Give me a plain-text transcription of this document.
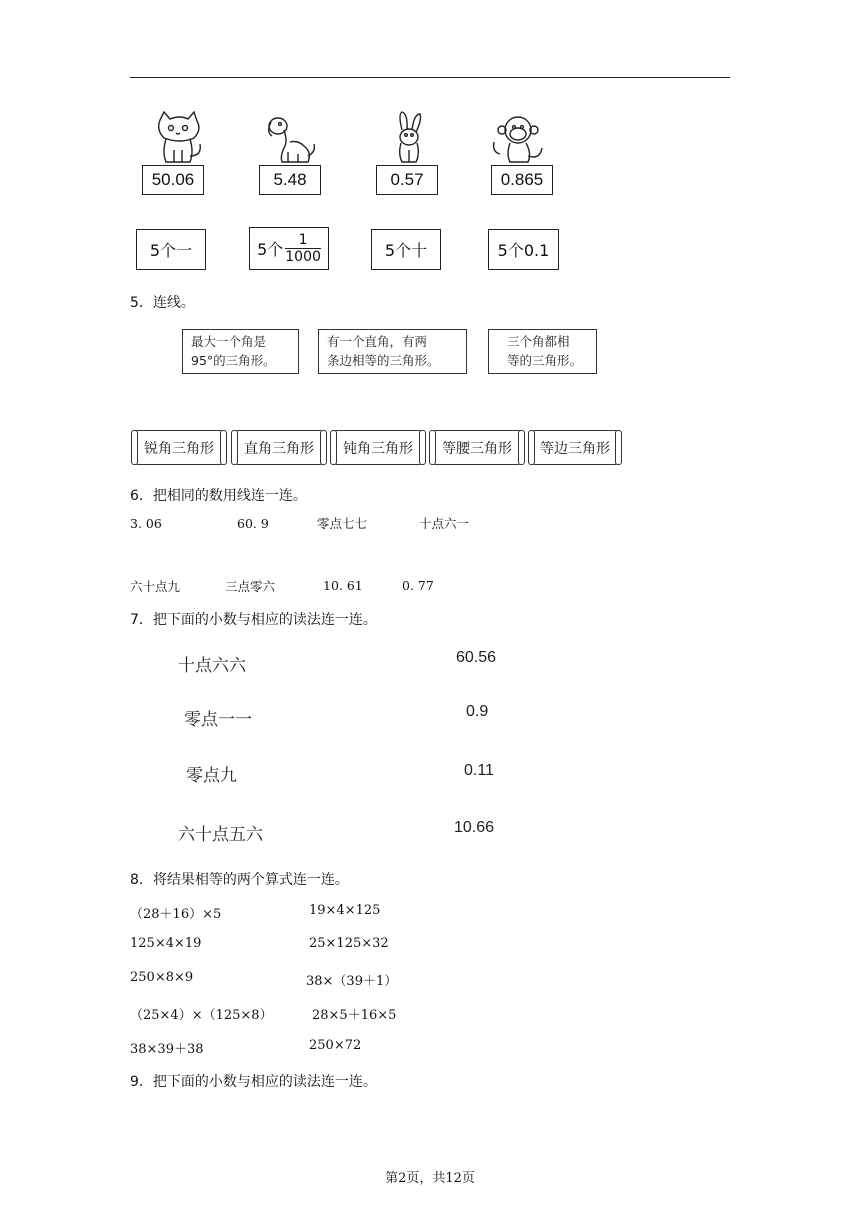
50.06	5.48	0.57	0.865
5个一	5个 $\frac{1}{1000}$	5个十	5个0.1
5．连线。
最大一个角是
95°的三角形。
有一个直角，有两
条边相等的三角形。
三个角都相
等的三角形。
锐角三角形	直角三角形	钝角三角形	等腰三角形	等边三角形
6．把相同的数用线连一连。
3. 06	60. 9	零点七七	十点六一
六十点九	三点零六	10. 61	0. 77
7．把下面的小数与相应的读法连一连。
十点六六
零点一一
零点九
六十点五六
60.56
0.9
0.11
10.66
8．将结果相等的两个算式连一连。
（28＋16）×5
125×4×19
250×8×9
（25×4）×（125×8）
38×39＋38
19×4×125
25×125×32
38×（39＋1）
28×5＋16×5
250×72
9．把下面的小数与相应的读法连一连。
第2页，共12页
